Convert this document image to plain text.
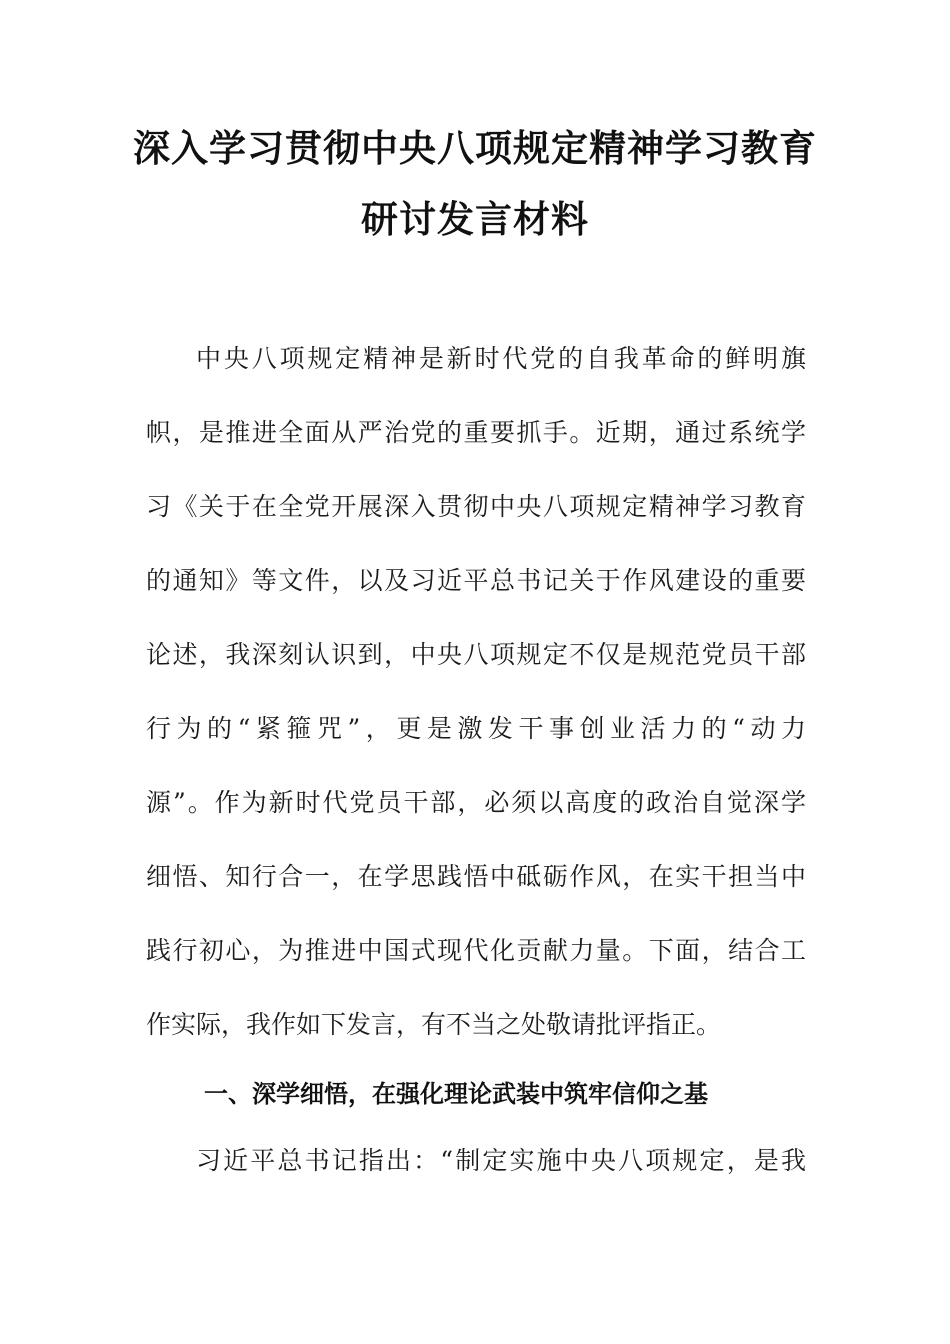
深入学习贯彻中央八项规定精神学习教育
研讨发言材料
中央八项规定精神是新时代党的自我革命的鲜明旗
帜，是推进全面从严治党的重要抓手。近期，通过系统学
习《关于在全党开展深入贯彻中央八项规定精神学习教育
的通知》等文件，以及习近平总书记关于作风建设的重要
论述，我深刻认识到，中央八项规定不仅是规范党员干部
行为的“紧箍咒”，更是激发干事创业活力的“动力
源”。作为新时代党员干部，必须以高度的政治自觉深学
细悟、知行合一，在学思践悟中砥砺作风，在实干担当中
践行初心，为推进中国式现代化贡献力量。下面，结合工
作实际，我作如下发言，有不当之处敬请批评指正。
一、深学细悟，在强化理论武装中筑牢信仰之基
习近平总书记指出：“制定实施中央八项规定，是我
